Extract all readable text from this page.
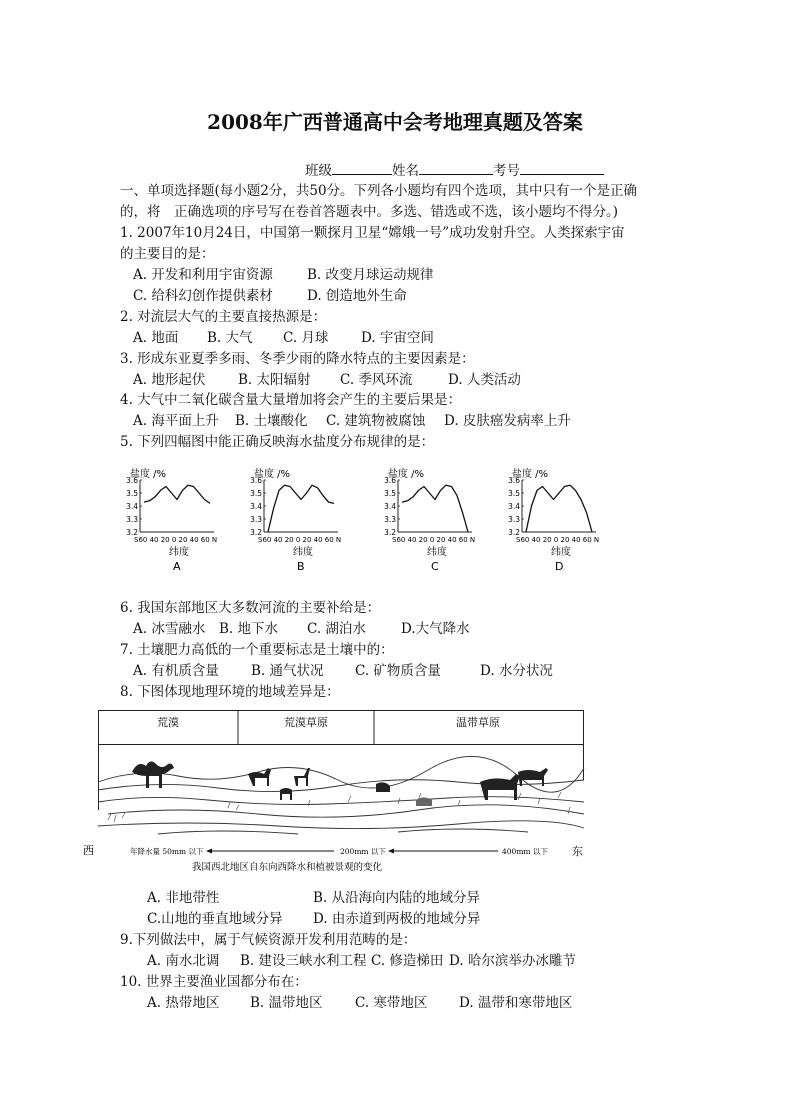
2008年广西普通高中会考地理真题及答案
班级	姓名	考号
一、单项选择题(每小题2分，共50分。下列各小题均有四个选项，其中只有一个是正确
的，将　正确选项的序号写在卷首答题表中。多选、错选或不选，该小题均不得分。)
1. 2007年10月24日，中国第一颗探月卫星“嫦娥一号”成功发射升空。人类探索宇宙
的主要目的是：
A. 开发和利用宇宙资源	B. 改变月球运动规律
C. 给科幻创作提供素材	D. 创造地外生命
2. 对流层大气的主要直接热源是：
A. 地面 B. 大气 C. 月球 D. 宇宙空间
3. 形成东亚夏季多雨、冬季少雨的降水特点的主要因素是：
A. 地形起伏 B. 太阳辐射 C. 季风环流	D. 人类活动
4. 大气中二氧化碳含量大量增加将会产生的主要后果是：
A. 海平面上升 B. 土壤酸化 C. 建筑物被腐蚀 D. 皮肤癌发病率上升
5. 下列四幅图中能正确反映海水盐度分布规律的是：
盐度 /%
3.6
3.5
3.4
3.3
3.2
S60 40 20 0 20 40 60 N
纬度
A
盐度 /%
3.6
3.5
3.4
3.3
3.2
S60 40 20 0 20 40 60 N
纬度
B
盐度 /%
3.6
3.5
3.4
3.3
3.2
S60 40 20 0 20 40 60 N
纬度
C
盐度 /%
3.6
3.5
3.4
3.3
3.2
S60 40 20 0 20 40 60 N
纬度
D
6. 我国东部地区大多数河流的主要补给是：
A. 冰雪融水 B. 地下水 C. 湖泊水	D.大气降水
7. 土壤肥力高低的一个重要标志是土壤中的：
A. 有机质含量 B. 通气状况 C. 矿物质含量	D. 水分状况
8. 下图体现地理环境的地域差异是：
荒漠	荒漠草原	温带草原
西	年降水量 50mm 以下	200mm 以下	400mm 以下
我国西北地区自东向西降水和植被景观的变化
东
A. 非地带性	B. 从沿海向内陆的地域分异
C.山地的垂直地域分异 D. 由赤道到两极的地域分异
9.下列做法中，属于气候资源开发利用范畴的是：
A. 南水北调 B. 建设三峡水利工程 C. 修造梯田 D. 哈尔滨举办冰雕节
10. 世界主要渔业国都分布在：
A. 热带地区 B. 温带地区 C. 寒带地区 D. 温带和寒带地区
